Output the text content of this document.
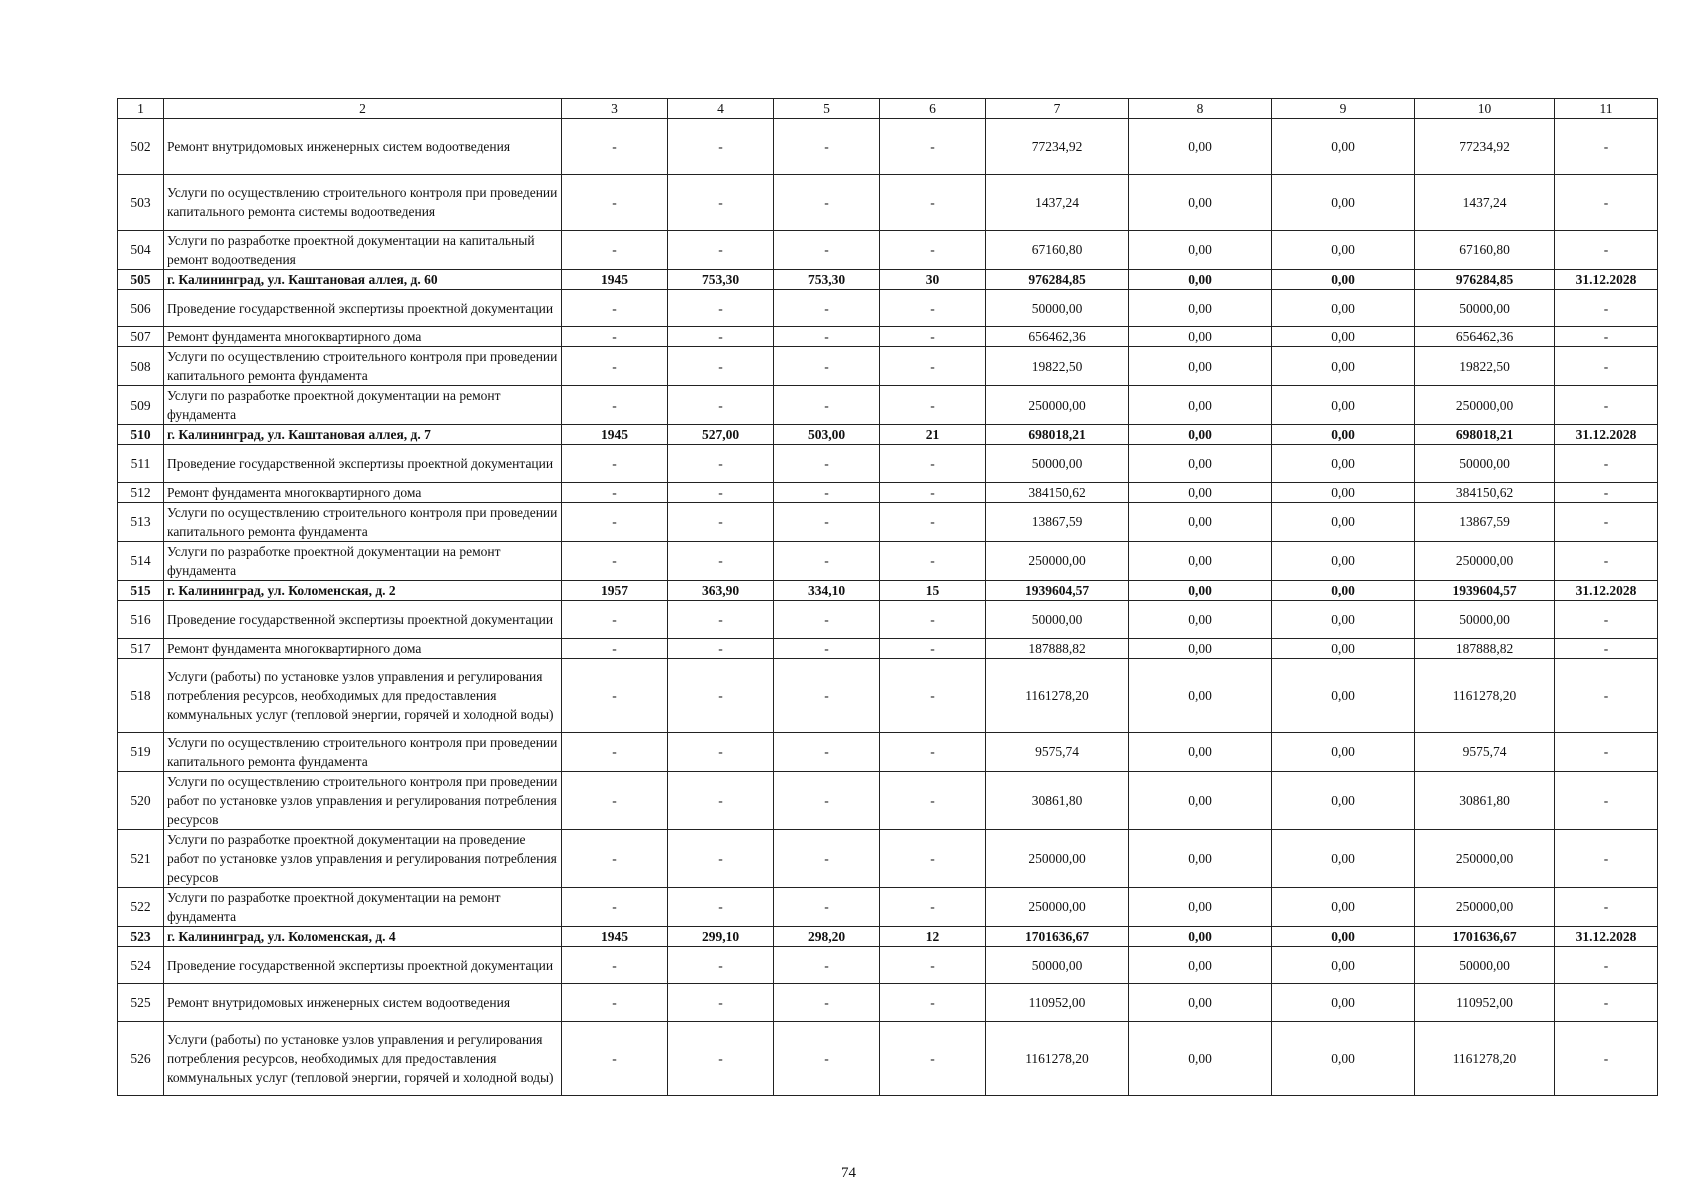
1	2	3	4	5	6	7	8	9	10	11
502	Ремонт внутридомовых инженерных систем водоотведения	-	-	-	-	77234,92	0,00	0,00	77234,92	-
503	Услуги по осуществлению строительного контроля при проведении капитального ремонта системы водоотведения	-	-	-	-	1437,24	0,00	0,00	1437,24	-
504	Услуги по разработке проектной документации на капитальный ремонт водоотведения	-	-	-	-	67160,80	0,00	0,00	67160,80	-
505	г. Калининград, ул. Каштановая аллея, д. 60	1945	753,30	753,30	30	976284,85	0,00	0,00	976284,85	31.12.2028
506	Проведение государственной экспертизы проектной документации	-	-	-	-	50000,00	0,00	0,00	50000,00	-
507	Ремонт фундамента многоквартирного дома	-	-	-	-	656462,36	0,00	0,00	656462,36	-
508	Услуги по осуществлению строительного контроля при проведении капитального ремонта фундамента	-	-	-	-	19822,50	0,00	0,00	19822,50	-
509	Услуги по разработке проектной документации на ремонт фундамента	-	-	-	-	250000,00	0,00	0,00	250000,00	-
510	г. Калининград, ул. Каштановая аллея, д. 7	1945	527,00	503,00	21	698018,21	0,00	0,00	698018,21	31.12.2028
511	Проведение государственной экспертизы проектной документации	-	-	-	-	50000,00	0,00	0,00	50000,00	-
512	Ремонт фундамента многоквартирного дома	-	-	-	-	384150,62	0,00	0,00	384150,62	-
513	Услуги по осуществлению строительного контроля при проведении капитального ремонта фундамента	-	-	-	-	13867,59	0,00	0,00	13867,59	-
514	Услуги по разработке проектной документации на ремонт фундамента	-	-	-	-	250000,00	0,00	0,00	250000,00	-
515	г. Калининград, ул. Коломенская, д. 2	1957	363,90	334,10	15	1939604,57	0,00	0,00	1939604,57	31.12.2028
516	Проведение государственной экспертизы проектной документации	-	-	-	-	50000,00	0,00	0,00	50000,00	-
517	Ремонт фундамента многоквартирного дома	-	-	-	-	187888,82	0,00	0,00	187888,82	-
518	Услуги (работы) по установке узлов управления и регулирования потребления ресурсов, необходимых для предоставления коммунальных услуг (тепловой энергии, горячей и холодной воды)	-	-	-	-	1161278,20	0,00	0,00	1161278,20	-
519	Услуги по осуществлению строительного контроля при проведении капитального ремонта фундамента	-	-	-	-	9575,74	0,00	0,00	9575,74	-
520	Услуги по осуществлению строительного контроля при проведении работ по установке узлов управления и регулирования потребления ресурсов	-	-	-	-	30861,80	0,00	0,00	30861,80	-
521	Услуги по разработке проектной документации на проведение работ по установке узлов управления и регулирования потребления ресурсов	-	-	-	-	250000,00	0,00	0,00	250000,00	-
522	Услуги по разработке проектной документации на ремонт фундамента	-	-	-	-	250000,00	0,00	0,00	250000,00	-
523	г. Калининград, ул. Коломенская, д. 4	1945	299,10	298,20	12	1701636,67	0,00	0,00	1701636,67	31.12.2028
524	Проведение государственной экспертизы проектной документации	-	-	-	-	50000,00	0,00	0,00	50000,00	-
525	Ремонт внутридомовых инженерных систем водоотведения	-	-	-	-	110952,00	0,00	0,00	110952,00	-
526	Услуги (работы) по установке узлов управления и регулирования потребления ресурсов, необходимых для предоставления коммунальных услуг (тепловой энергии, горячей и холодной воды)	-	-	-	-	1161278,20	0,00	0,00	1161278,20	-
74
